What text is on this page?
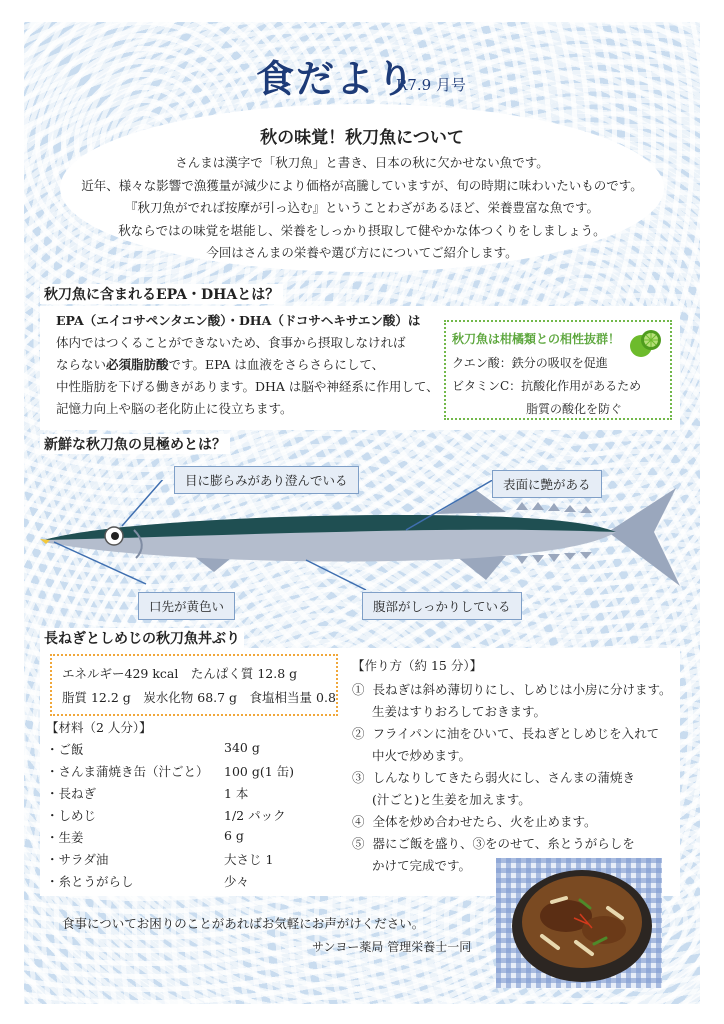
食だより
R7.9 月号
秋の味覚！秋刀魚について
さんまは漢字で「秋刀魚」と書き、日本の秋に欠かせない魚です。
近年、様々な影響で漁獲量が減少により価格が高騰していますが、旬の時期に味わいたいものです。
『秋刀魚がでれば按摩が引っ込む』ということわざがあるほど、栄養豊富な魚です。
秋ならではの味覚を堪能し、栄養をしっかり摂取して健やかな体つくりをしましょう。
今回はさんまの栄養や選び方にについてご紹介します。
秋刀魚に含まれるEPA・DHAとは？
EPA（エイコサペンタエン酸）・DHA（ドコサヘキサエン酸）は
体内ではつくることができないため、食事から摂取しなければ
ならない必須脂肪酸です。EPA は血液をさらさらにして、
中性脂肪を下げる働きがあります。DHA は脳や神経系に作用して、
記憶力向上や脳の老化防止に役立ちます。
秋刀魚は柑橘類との相性抜群！
クエン酸：鉄分の吸収を促進
ビタミンC：抗酸化作用があるため
脂質の酸化を防ぐ
新鮮な秋刀魚の見極めとは？
目に膨らみがあり澄んでいる	表面に艶がある
口先が黄色い	腹部がしっかりしている
長ねぎとしめじの秋刀魚丼ぶり
エネルギー429 kcal　たんぱく質 12.8 g
脂質 12.2 g　炭水化物 68.7 g　食塩相当量 0.8
【材料（2 人分）】
・ご飯	340 g
・さんま蒲焼き缶（汁ごと） 100 g(1 缶)
・長ねぎ	1 本
・しめじ	1/2 パック
・生姜	6 g
・サラダ油	大さじ 1
・糸とうがらし	少々
【作り方（約 15 分）】
① 長ねぎは斜め薄切りにし、しめじは小房に分けます。
生姜はすりおろしておきます。
② フライパンに油をひいて、長ねぎとしめじを入れて
中火で炒めます。
③ しんなりしてきたら弱火にし、さんまの蒲焼き
(汁ごと)と生姜を加えます。
④ 全体を炒め合わせたら、火を止めます。
⑤ 器にご飯を盛り、③をのせて、糸とうがらしを
かけて完成です。
食事についてお困りのことがあればお気軽にお声がけください。
サンヨー薬局 管理栄養士一同
